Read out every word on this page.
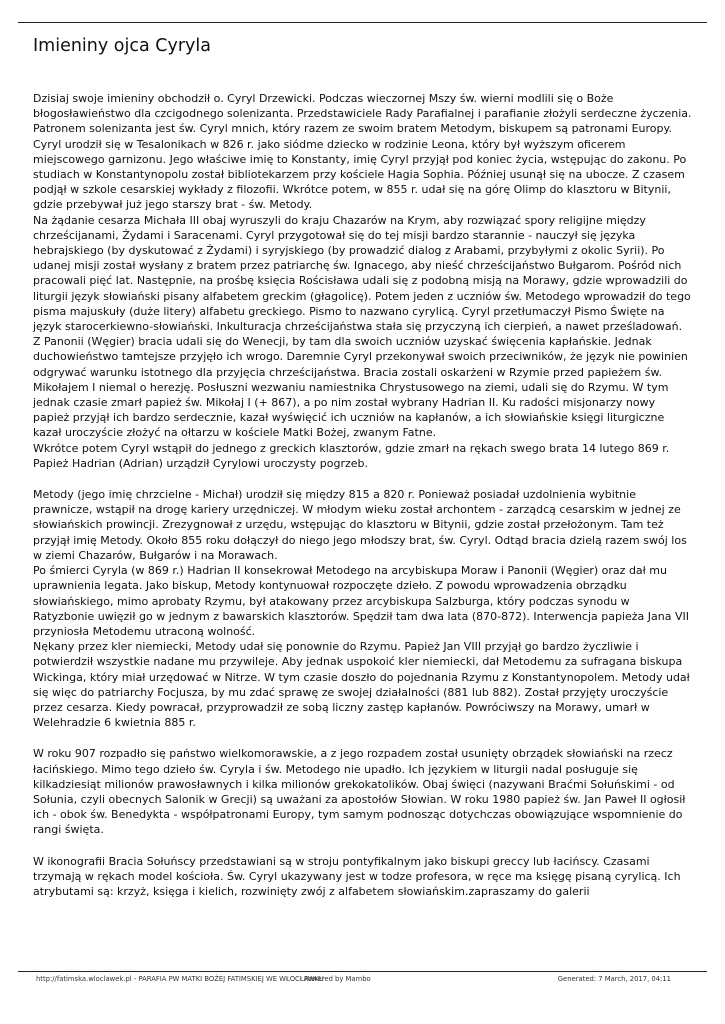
Imieniny ojca Cyryla

Dzisiaj swoje imieniny obchodził o. Cyryl Drzewicki. Podczas wieczornej Mszy św. wierni modlili się o Boże błogosławieństwo dla czcigodnego solenizanta. Przedstawiciele Rady Parafialnej i parafianie złożyli serdeczne życzenia. Patronem solenizanta jest św. Cyryl mnich, który razem ze swoim bratem Metodym, biskupem są patronami Europy.
Cyryl urodził się w Tesalonikach w 826 r. jako siódme dziecko w rodzinie Leona, który był wyższym oficerem miejscowego garnizonu. Jego właściwe imię to Konstanty, imię Cyryl przyjął pod koniec życia, wstępując do zakonu. Po studiach w Konstantynopolu został bibliotekarzem przy kościele Hagia Sophia. Później usunął się na ubocze. Z czasem podjął w szkole cesarskiej wykłady z filozofii. Wkrótce potem, w 855 r. udał się na górę Olimp do klasztoru w Bitynii, gdzie przebywał już jego starszy brat - św. Metody.
Na żądanie cesarza Michała III obaj wyruszyli do kraju Chazarów na Krym, aby rozwiązać spory religijne między chrześcijanami, Żydami i Saracenami. Cyryl przygotował się do tej misji bardzo starannie - nauczył się języka hebrajskiego (by dyskutować z Żydami) i syryjskiego (by prowadzić dialog z Arabami, przybyłymi z okolic Syrii). Po udanej misji został wysłany z bratem przez patriarchę św. Ignacego, aby nieść chrześcijaństwo Bułgarom. Pośród nich pracowali pięć lat. Następnie, na prośbę księcia Rościsława udali się z podobną misją na Morawy, gdzie wprowadzili do liturgii język słowiański pisany alfabetem greckim (głagolicę). Potem jeden z uczniów św. Metodego wprowadził do tego pisma majuskuły (duże litery) alfabetu greckiego. Pismo to nazwano cyrylicą. Cyryl przetłumaczył Pismo Święte na język starocerkiewno-słowiański. Inkulturacja chrześcijaństwa stała się przyczyną ich cierpień, a nawet prześladowań.
Z Panonii (Węgier) bracia udali się do Wenecji, by tam dla swoich uczniów uzyskać święcenia kapłańskie. Jednak duchowieństwo tamtejsze przyjęło ich wrogo. Daremnie Cyryl przekonywał swoich przeciwników, że język nie powinien odgrywać warunku istotnego dla przyjęcia chrześcijaństwa. Bracia zostali oskarżeni w Rzymie przed papieżem św. Mikołajem I niemal o herezję. Posłuszni wezwaniu namiestnika Chrystusowego na ziemi, udali się do Rzymu. W tym jednak czasie zmarł papież św. Mikołaj I (+ 867), a po nim został wybrany Hadrian II. Ku radości misjonarzy nowy papież przyjął ich bardzo serdecznie, kazał wyświęcić ich uczniów na kapłanów, a ich słowiańskie księgi liturgiczne kazał uroczyście złożyć na ołtarzu w kościele Matki Bożej, zwanym Fatne.
Wkrótce potem Cyryl wstąpił do jednego z greckich klasztorów, gdzie zmarł na rękach swego brata 14 lutego 869 r. Papież Hadrian (Adrian) urządził Cyrylowi uroczysty pogrzeb.

Metody (jego imię chrzcielne - Michał) urodził się między 815 a 820 r. Ponieważ posiadał uzdolnienia wybitnie prawnicze, wstąpił na drogę kariery urzędniczej. W młodym wieku został archontem - zarządcą cesarskim w jednej ze słowiańskich prowincji. Zrezygnował z urzędu, wstępując do klasztoru w Bitynii, gdzie został przełożonym. Tam też przyjął imię Metody. Około 855 roku dołączył do niego jego młodszy brat, św. Cyryl. Odtąd bracia dzielą razem swój los w ziemi Chazarów, Bułgarów i na Morawach.
Po śmierci Cyryla (w 869 r.) Hadrian II konsekrował Metodego na arcybiskupa Moraw i Panonii (Węgier) oraz dał mu uprawnienia legata. Jako biskup, Metody kontynuował rozpoczęte dzieło. Z powodu wprowadzenia obrządku słowiańskiego, mimo aprobaty Rzymu, był atakowany przez arcybiskupa Salzburga, który podczas synodu w Ratyzbonie uwięził go w jednym z bawarskich klasztorów. Spędził tam dwa lata (870-872). Interwencja papieża Jana VII przyniosła Metodemu utraconą wolność.
Nękany przez kler niemiecki, Metody udał się ponownie do Rzymu. Papież Jan VIII przyjął go bardzo życzliwie i potwierdził wszystkie nadane mu przywileje. Aby jednak uspokoić kler niemiecki, dał Metodemu za sufragana biskupa Wickinga, który miał urzędować w Nitrze. W tym czasie doszło do pojednania Rzymu z Konstantynopolem. Metody udał się więc do patriarchy Focjusza, by mu zdać sprawę ze swojej działalności (881 lub 882). Został przyjęty uroczyście przez cesarza. Kiedy powracał, przyprowadził ze sobą liczny zastęp kapłanów. Powróciwszy na Morawy, umarł w Welehradzie 6 kwietnia 885 r.

W roku 907 rozpadło się państwo wielkomorawskie, a z jego rozpadem został usunięty obrządek słowiański na rzecz łacińskiego. Mimo tego dzieło św. Cyryla i św. Metodego nie upadło. Ich językiem w liturgii nadal posługuje się kilkadziesiąt milionów prawosławnych i kilka milionów grekokatolików. Obaj święci (nazywani Braćmi Sołuńskimi - od Sołunia, czyli obecnych Salonik w Grecji) są uważani za apostołów Słowian. W roku 1980 papież św. Jan Paweł II ogłosił ich - obok św. Benedykta - współpatronami Europy, tym samym podnosząc dotychczas obowiązujące wspomnienie do rangi święta.

W ikonografii Bracia Sołuńscy przedstawiani są w stroju pontyfikalnym jako biskupi greccy lub łacińscy. Czasami trzymają w rękach model kościoła. Św. Cyryl ukazywany jest w todze profesora, w ręce ma księgę pisaną cyrylicą. Ich atrybutami są: krzyż, księga i kielich, rozwinięty zwój z alfabetem słowiańskim.zapraszamy do galerii

http://fatimska.wloclawek.pl - PARAFIA PW MATKI BOŻEJ FATIMSKIEJ WE WŁOCŁAWKU
Powered by Mambo	Generated: 7 March, 2017, 04:11
